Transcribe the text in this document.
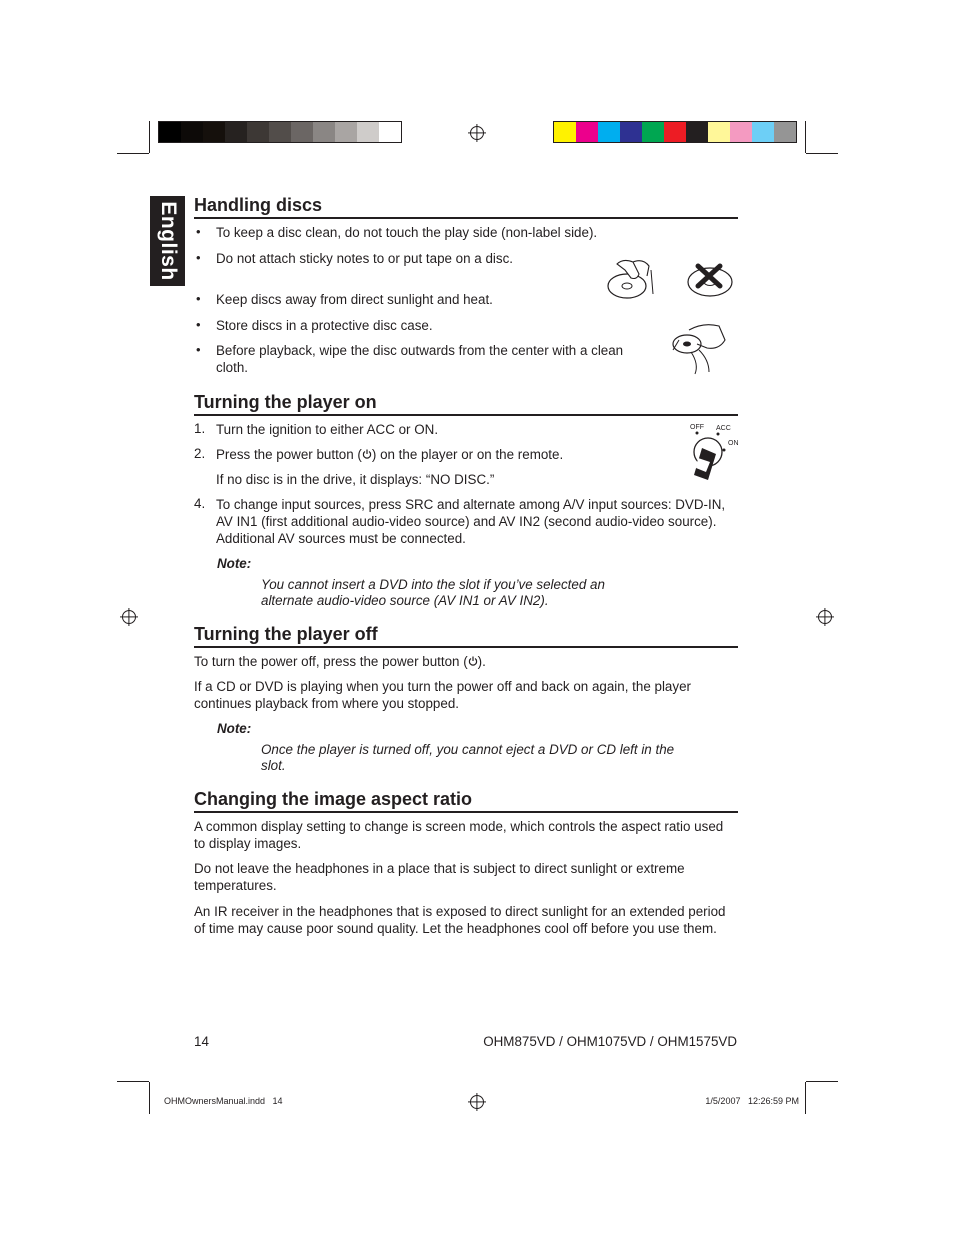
English Handling discs
• To keep a disc clean, do not touch the play side (non-label side).

• Do not attach sticky notes to or put tape on a disc.

• Keep discs away from direct sunlight and heat.

• Store discs in a protective disc case.

• Before playback, wipe the disc outwards from the center with a clean cloth.

Turning the player on
1. Turn the ignition to either ACC or ON.

2. Press the power button ( ) on the player or on the remote.

If no disc is in the drive, it displays: “NO DISC.”

4. To change input sources, press SRC and alternate among A/V input sources: DVD-IN, AV IN1 (first additional audio-video source) and AV IN2 (second audio-video source). Additional AV sources must be connected.

Note:
You cannot insert a DVD into the slot if you’ve selected an alternate audio-video source (AV IN1 or AV IN2).
OFF ACC
ON
Turning the player off

To turn the power off, press the power button ( ).

If a CD or DVD is playing when you turn the power off and back on again, the player continues playback from where you stopped.

Note:
Once the player is turned off, you cannot eject a DVD or CD left in the slot.
Changing the image aspect ratio

A common display setting to change is screen mode, which controls the aspect ratio used to display images.

Do not leave the headphones in a place that is subject to direct sunlight or extreme temperatures.

An IR receiver in the headphones that is exposed to direct sunlight for an extended period of time may cause poor sound quality. Let the headphones cool off before you use them.

14	OHM875VD / OHM1075VD / OHM1575VD
OHMOwnersManual.indd   14	1/5/2007   12:26:59 PM
